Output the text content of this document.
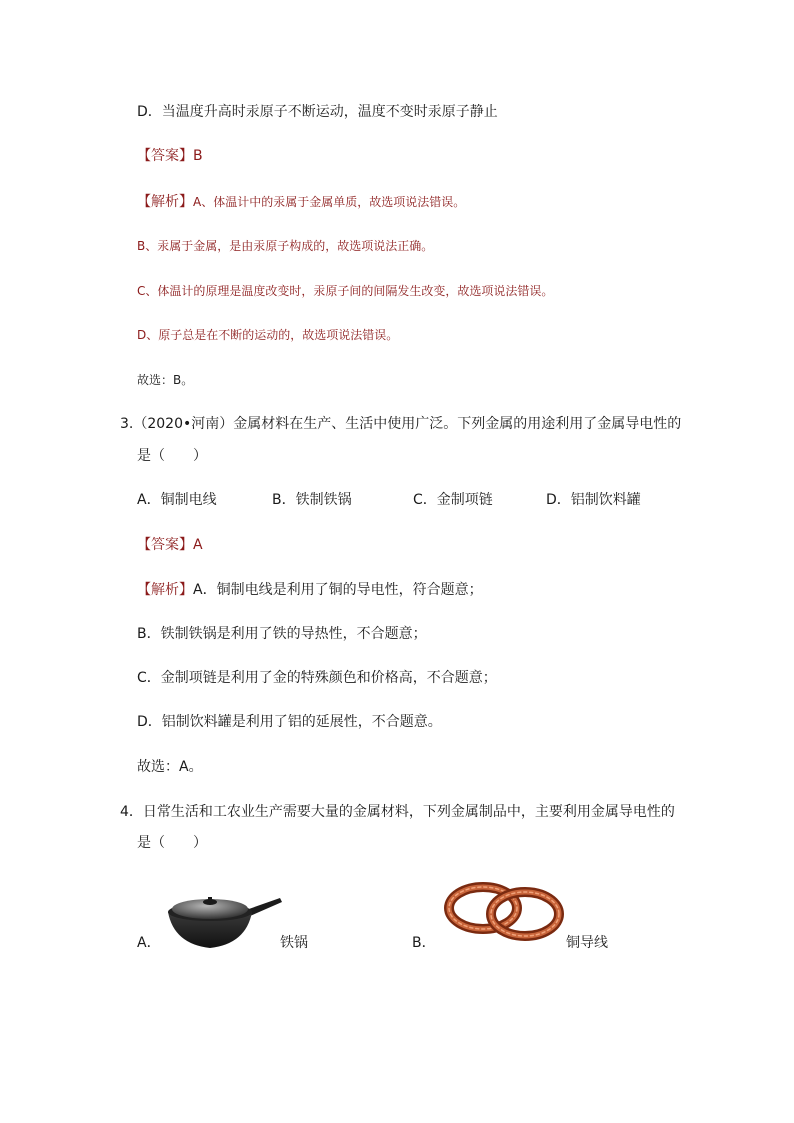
D．当温度升高时汞原子不断运动，温度不变时汞原子静止
【答案】B
【解析】A、体温计中的汞属于金属单质，故选项说法错误。
B、汞属于金属，是由汞原子构成的，故选项说法正确。
C、体温计的原理是温度改变时，汞原子间的间隔发生改变，故选项说法错误。
D、原子总是在不断的运动的，故选项说法错误。
故选：B。
3.（2020•河南）金属材料在生产、生活中使用广泛。下列金属的用途利用了金属导电性的
是（　　）
A．铜制电线	B．铁制铁锅	C．金制项链	D．铝制饮料罐
【答案】A
【解析】A．铜制电线是利用了铜的导电性，符合题意；
B．铁制铁锅是利用了铁的导热性，不合题意；
C．金制项链是利用了金的特殊颜色和价格高，不合题意；
D．铝制饮料罐是利用了铝的延展性，不合题意。
故选：A。
4．日常生活和工农业生产需要大量的金属材料，下列金属制品中，主要利用金属导电性的
是（　　）
A．	铁锅	B．	铜导线
